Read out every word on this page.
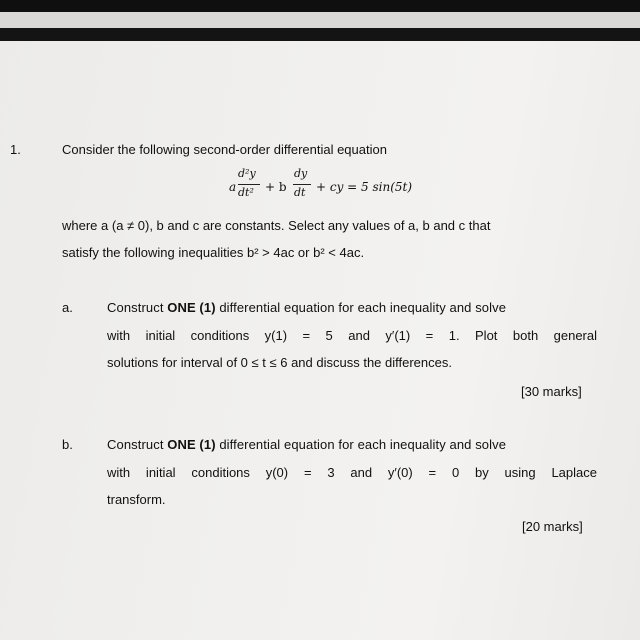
1.	Consider the following second-order differential equation
a
d²y
dt² + b
dy
dt + cy = 5 sin(5t)
where a (a ≠ 0), b and c are constants. Select any values of a, b and c that
satisfy the following inequalities b² > 4ac or b² < 4ac.
a.	Construct ONE (1) differential equation for each inequality and solve
with initial conditions y(1) = 5 and y′(1) = 1. Plot both general
solutions for interval of 0 ≤ t ≤ 6 and discuss the differences.
[30 marks]
b.	Construct ONE (1) differential equation for each inequality and solve
with initial conditions y(0) = 3 and y′(0) = 0 by using Laplace
transform.
[20 marks]
